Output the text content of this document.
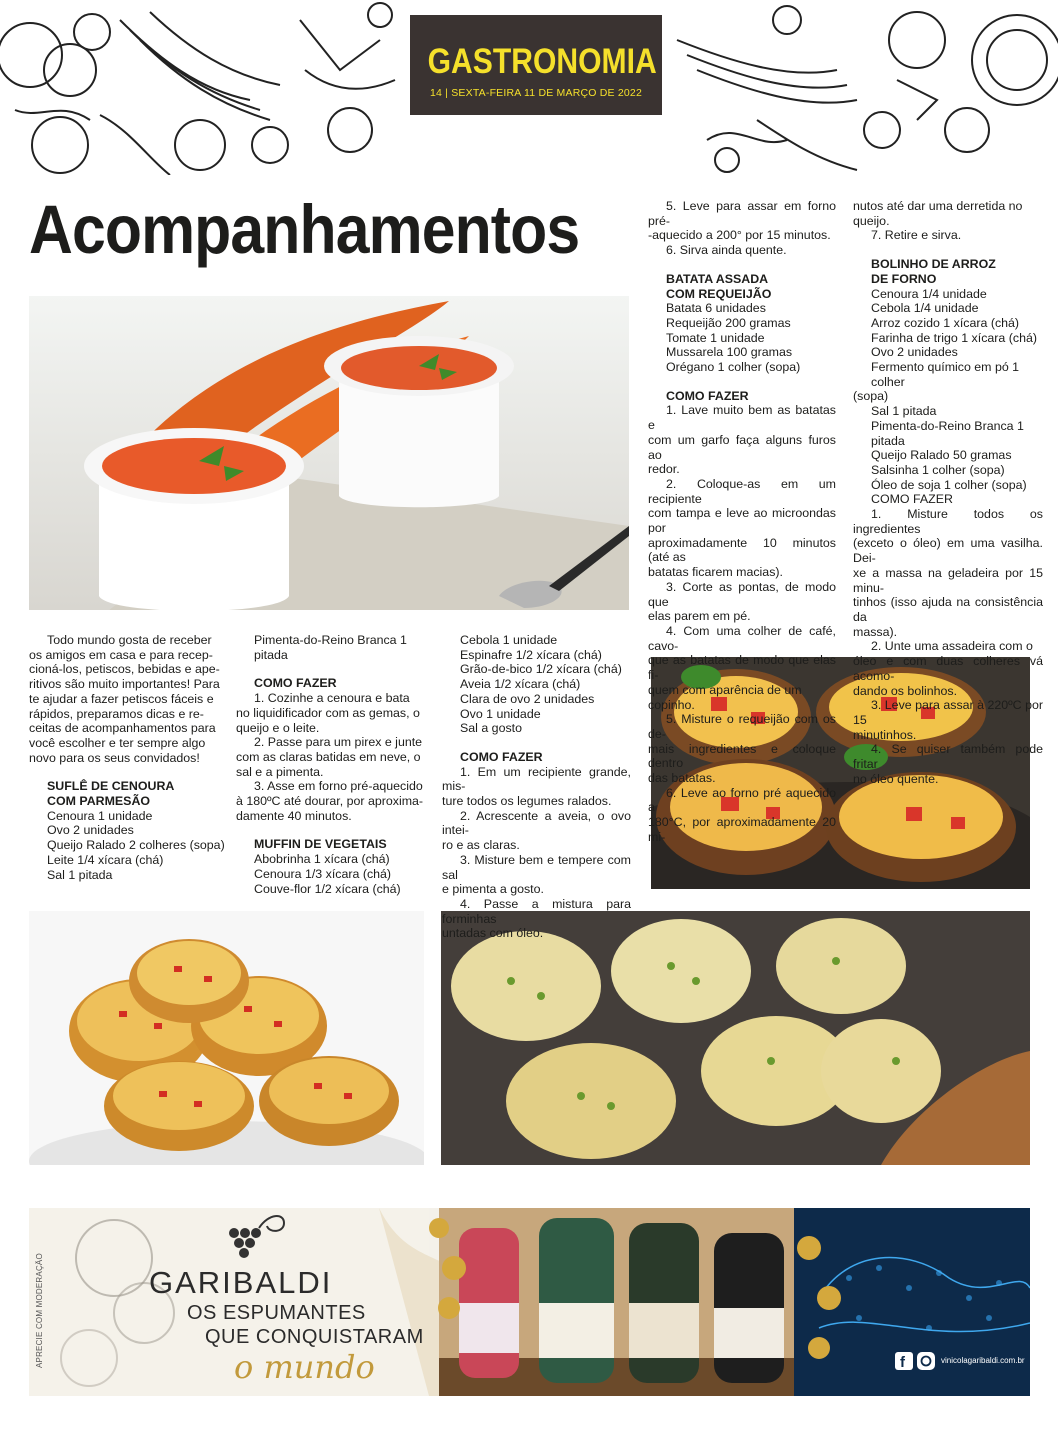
GASTRONOMIA
14 | SEXTA-FEIRA 11 DE MARÇO DE 2022
Acompanhamentos

Todo mundo gosta de receber

os amigos em casa e para recep-

cioná-los, petiscos, bebidas e ape-

ritivos são muito importantes! Para

te ajudar a fazer petiscos fáceis e

rápidos, preparamos dicas e re-

ceitas de acompanhamentos para

você escolher e ter sempre algo

novo para os seus convidados!

SUFLÊ DE CENOURA

COM PARMESÃO

Cenoura 1 unidade

Ovo 2 unidades

Queijo Ralado 2 colheres (sopa)

Leite 1/4 xícara (chá)

Sal 1 pitada

Pimenta-do-Reino Branca 1 pitada

COMO FAZER

1. Cozinhe a cenoura e bata

no liquidificador com as gemas, o

queijo e o leite.

2. Passe para um pirex e junte

com as claras batidas em neve, o

sal e a pimenta.

3. Asse em forno pré-aquecido

à 180ºC até dourar, por aproxima-

damente 40 minutos.

MUFFIN DE VEGETAIS

Abobrinha 1 xícara (chá)

Cenoura 1/3 xícara (chá)

Couve-flor 1/2 xícara (chá)

Cebola 1 unidade

Espinafre 1/2 xícara (chá)

Grão-de-bico 1/2 xícara (chá)

Aveia 1/2 xícara (chá)

Clara de ovo 2 unidades

Ovo 1 unidade

Sal a gosto

COMO FAZER

1. Em um recipiente grande, mis-

ture todos os legumes ralados.

2. Acrescente a aveia, o ovo intei-

ro e as claras.

3. Misture bem e tempere com sal

e pimenta a gosto.

4. Passe a mistura para forminhas

untadas com óleo.

5. Leve para assar em forno pré-

-aquecido a 200° por 15 minutos.

6. Sirva ainda quente.

BATATA ASSADA

COM REQUEIJÃO

Batata 6 unidades

Requeijão 200 gramas

Tomate 1 unidade

Mussarela 100 gramas

Orégano 1 colher (sopa)

COMO FAZER

1. Lave muito bem as batatas e

com um garfo faça alguns furos ao

redor.

2. Coloque-as em um recipiente

com tampa e leve ao microondas por

aproximadamente 10 minutos (até as

batatas ficarem macias).

3. Corte as pontas, de modo que

elas parem em pé.

4. Com uma colher de café, cavo-

que as batatas de modo que elas fi-

quem com aparência de um copinho.

5. Misture o requeijão com os de-

mais ingredientes e coloque dentro

das batatas.

6. Leve ao forno pré aquecido a

180°C, por aproximadamente 20 mi-

nutos até dar uma derretida no queijo.

7. Retire e sirva.

BOLINHO DE ARROZ

DE FORNO

Cenoura 1/4 unidade

Cebola 1/4 unidade

Arroz cozido 1 xícara (chá)

Farinha de trigo 1 xícara (chá)

Ovo 2 unidades

Fermento químico em pó 1 colher

(sopa)

Sal 1 pitada

Pimenta-do-Reino Branca 1 pitada

Queijo Ralado 50 gramas

Salsinha 1 colher (sopa)

Óleo de soja 1 colher (sopa)

COMO FAZER

1. Misture todos os ingredientes

(exceto o óleo) em uma vasilha. Dei-

xe a massa na geladeira por 15 minu-

tinhos (isso ajuda na consistência da

massa).

2. Unte uma assadeira com o

óleo e com duas colheres vá acomo-

dando os bolinhos.

3. Leve para assar à 220ºC por 15

minutinhos.

4. Se quiser também pode fritar

no óleo quente.

f
APRECIE COM MODERAÇÃO	GARIBALDI
OS ESPUMANTES
QUE CONQUISTARAM
o mundo	vinicolagaribaldi.com.br
